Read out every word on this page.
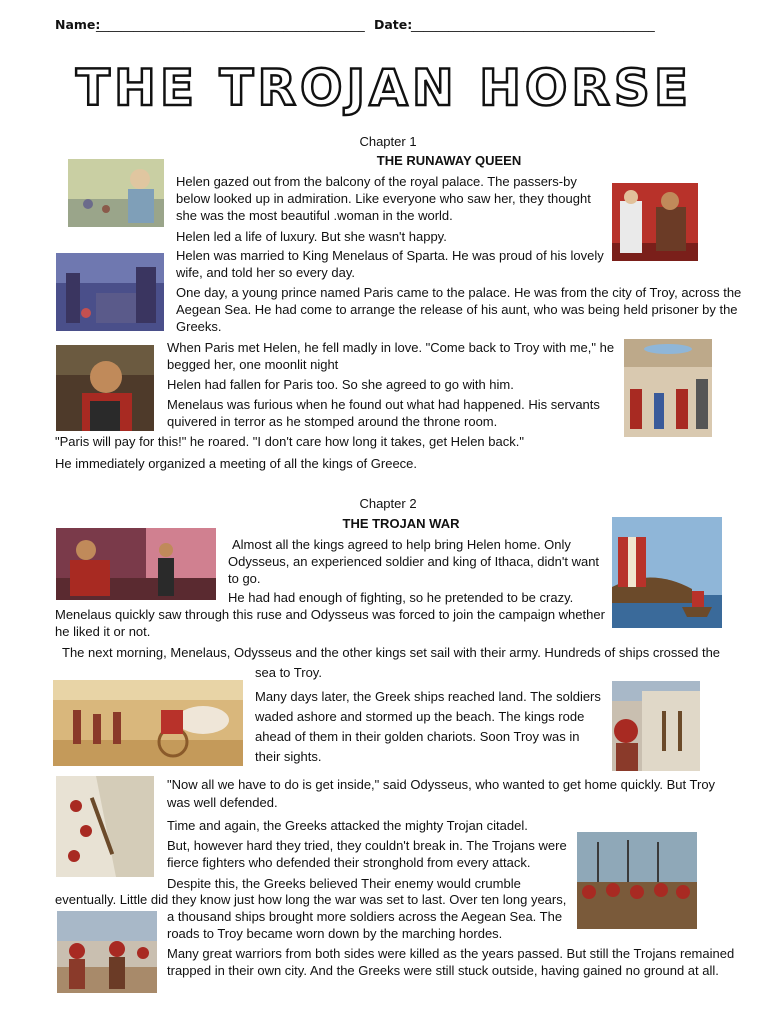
Name:
___________________________________________ Date:
_______________________________________
THE TROJAN HORSE
Chapter 1
THE RUNAWAY QUEEN
Helen gazed out from the balcony of the royal palace. The passers-by
below looked up in admiration. Like everyone who saw her, they thought
she was the most beautiful .woman in the world.
Helen led a life of luxury. But she wasn't happy.
Helen was married to King Menelaus of Sparta. He was proud of his lovely
wife, and told her so every day.
One day, a young prince named Paris came to the palace. He was from the city of Troy, across the
Aegean Sea. He had come to arrange the release of his aunt, who was being held prisoner by the
Greeks.
When Paris met Helen, he fell madly in love. "Come back to Troy with me," he
begged her, one moonlit night
Helen had fallen for Paris too. So she agreed to go with him.
Menelaus was furious when he found out what had happened. His servants
quivered in terror as he stomped around the throne room.
"Paris will pay for this!" he roared. "I don't care how long it takes, get Helen back."
He immediately organized a meeting of all the kings of Greece.
Chapter 2
THE TROJAN WAR
Almost all the kings agreed to help bring Helen home. Only
Odysseus, an experienced soldier and king of Ithaca, didn't want
to go.
He had had enough of fighting, so he pretended to be crazy.
Menelaus quickly saw through this ruse and Odysseus was forced to join the campaign whether
he liked it or not.
The next morning, Menelaus, Odysseus and the other kings set sail with their army. Hundreds of ships crossed the
sea to Troy.
Many days later, the Greek ships reached land. The soldiers
waded ashore and stormed up the beach. The kings rode
ahead of them in their golden chariots. Soon Troy was in
their sights.
"Now all we have to do is get inside," said Odysseus, who wanted to get home quickly. But Troy
was well defended.
Time and again, the Greeks attacked the mighty Trojan citadel.
But, however hard they tried, they couldn't break in. The Trojans were
fierce fighters who defended their stronghold from every attack.
Despite this, the Greeks believed Their enemy would crumble
eventually. Little did they know just how long the war was set to last. Over ten long years,
a thousand ships brought more soldiers across the Aegean Sea. The
roads to Troy became worn down by the marching hordes.
Many great warriors from both sides were killed as the years passed. But still the Trojans remained
trapped in their own city. And the Greeks were still stuck outside, having gained no ground at all.
